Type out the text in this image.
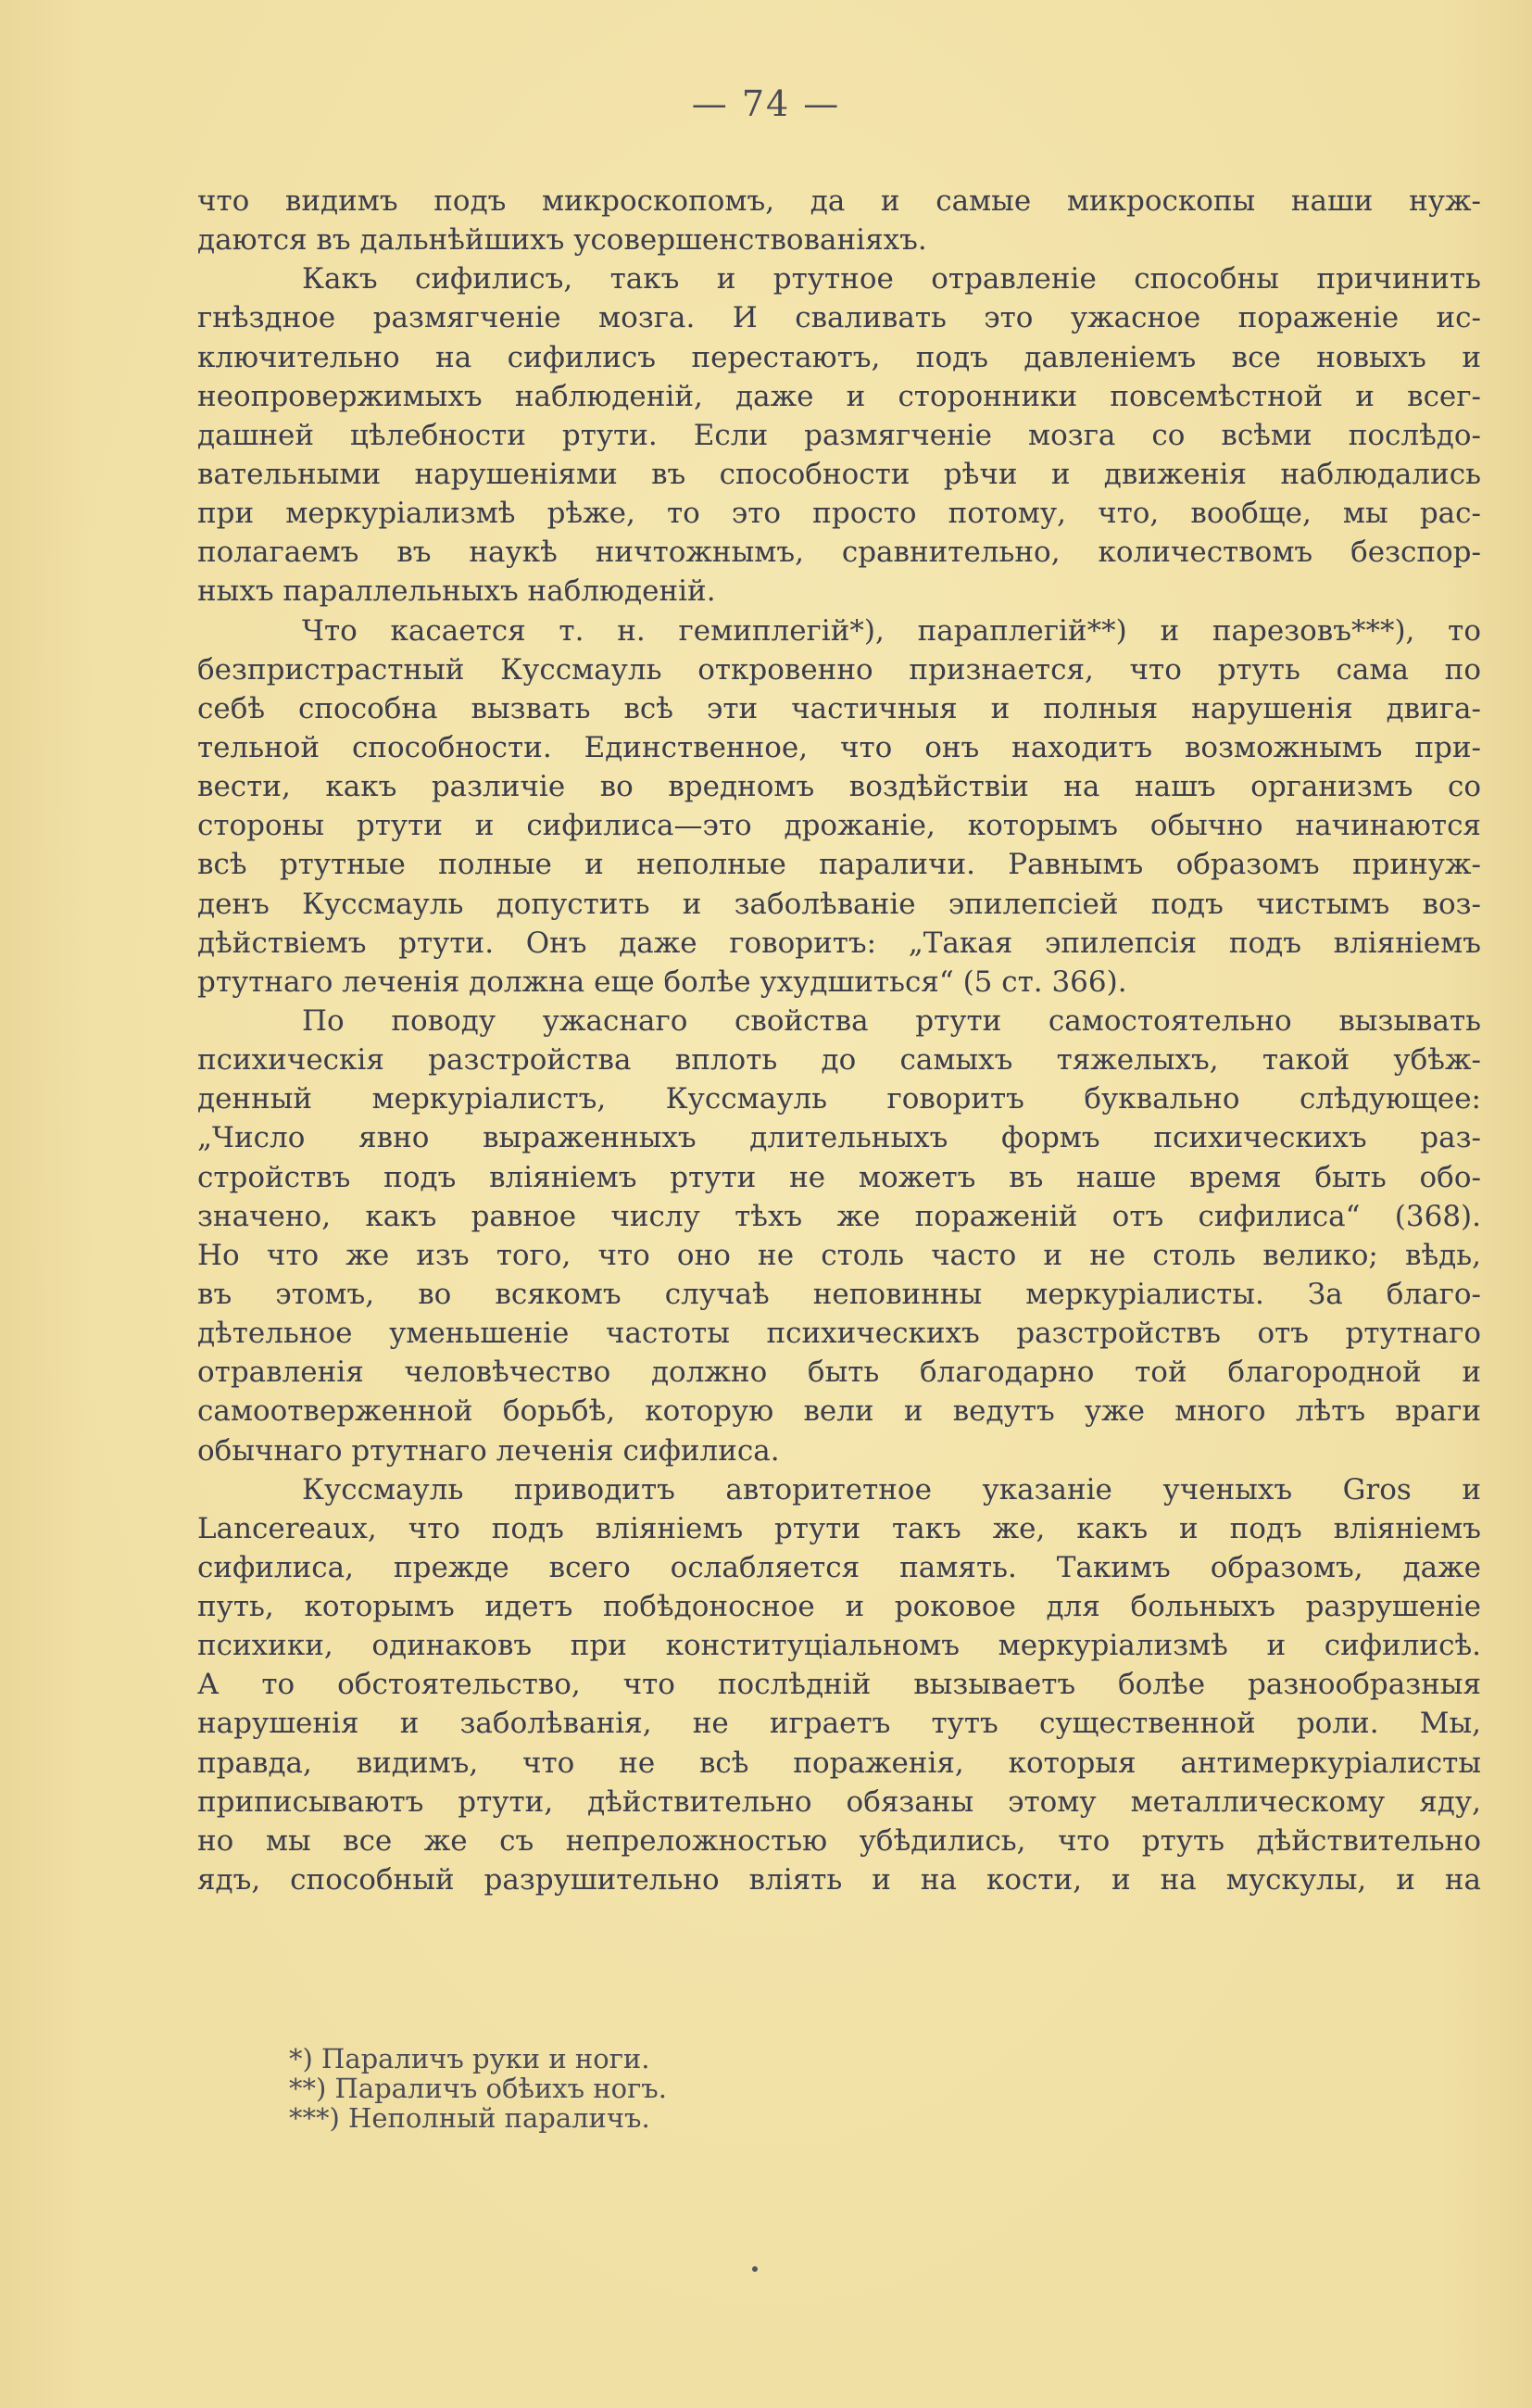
— 74 —
что видимъ подъ микроскопомъ, да и самые микроскопы наши нуж-
даются въ дальнѣйшихъ усовершенствованіяхъ.
Какъ сифилисъ, такъ и ртутное отравленіе способны причинить
гнѣздное размягченіе мозга. И сваливать это ужасное пораженіе ис-
ключительно на сифилисъ перестаютъ, подъ давленіемъ все новыхъ и
неопровержимыхъ наблюденій, даже и сторонники повсемѣстной и всег-
дашней цѣлебности ртути. Если размягченіе мозга со всѣми послѣдо-
вательными нарушеніями въ способности рѣчи и движенія наблюдались
при меркуріализмѣ рѣже, то это просто потому, что, вообще, мы рас-
полагаемъ въ наукѣ ничтожнымъ, сравнительно, количествомъ безспор-
ныхъ параллельныхъ наблюденій.
Что касается т. н. гемиплегій*), параплегій**) и парезовъ***), то
безпристрастный Куссмауль откровенно признается, что ртуть сама по
себѣ способна вызвать всѣ эти частичныя и полныя нарушенія двига-
тельной способности. Единственное, что онъ находитъ возможнымъ при-
вести, какъ различіе во вредномъ воздѣйствіи на нашъ организмъ со
стороны ртути и сифилиса—это дрожаніе, которымъ обычно начинаются
всѣ ртутные полные и неполные параличи. Равнымъ образомъ принуж-
денъ Куссмауль допустить и заболѣваніе эпилепсіей подъ чистымъ воз-
дѣйствіемъ ртути. Онъ даже говоритъ: „Такая эпилепсія подъ вліяніемъ
ртутнаго леченія должна еще болѣе ухудшиться“ (5 ст. 366).
По поводу ужаснаго свойства ртути самостоятельно вызывать
психическія разстройства вплоть до самыхъ тяжелыхъ, такой убѣж-
денный меркуріалистъ, Куссмауль говоритъ буквально слѣдующее:
„Число явно выраженныхъ длительныхъ формъ психическихъ раз-
стройствъ подъ вліяніемъ ртути не можетъ въ наше время быть обо-
значено, какъ равное числу тѣхъ же пораженій отъ сифилиса“ (368).
Но что же изъ того, что оно не столь часто и не столь велико; вѣдь,
въ этомъ, во всякомъ случаѣ неповинны меркуріалисты. За благо-
дѣтельное уменьшеніе частоты психическихъ разстройствъ отъ ртутнаго
отравленія человѣчество должно быть благодарно той благородной и
самоотверженной борьбѣ, которую вели и ведутъ уже много лѣтъ враги
обычнаго ртутнаго леченія сифилиса.
Куссмауль приводитъ авторитетное указаніе ученыхъ Gros и
Lancereaux, что подъ вліяніемъ ртути такъ же, какъ и подъ вліяніемъ
сифилиса, прежде всего ослабляется память. Такимъ образомъ, даже
путь, которымъ идетъ побѣдоносное и роковое для больныхъ разрушеніе
психики, одинаковъ при конституціальномъ меркуріализмѣ и сифилисѣ.
А то обстоятельство, что послѣдній вызываетъ болѣе разнообразныя
нарушенія и заболѣванія, не играетъ тутъ существенной роли. Мы,
правда, видимъ, что не всѣ пораженія, которыя антимеркуріалисты
приписываютъ ртути, дѣйствительно обязаны этому металлическому яду,
но мы все же съ непреложностью убѣдились, что ртуть дѣйствительно
ядъ, способный разрушительно вліять и на кости, и на мускулы, и на
*) Параличъ руки и ноги.
**) Параличъ обѣихъ ногъ.
***) Неполный параличъ.
